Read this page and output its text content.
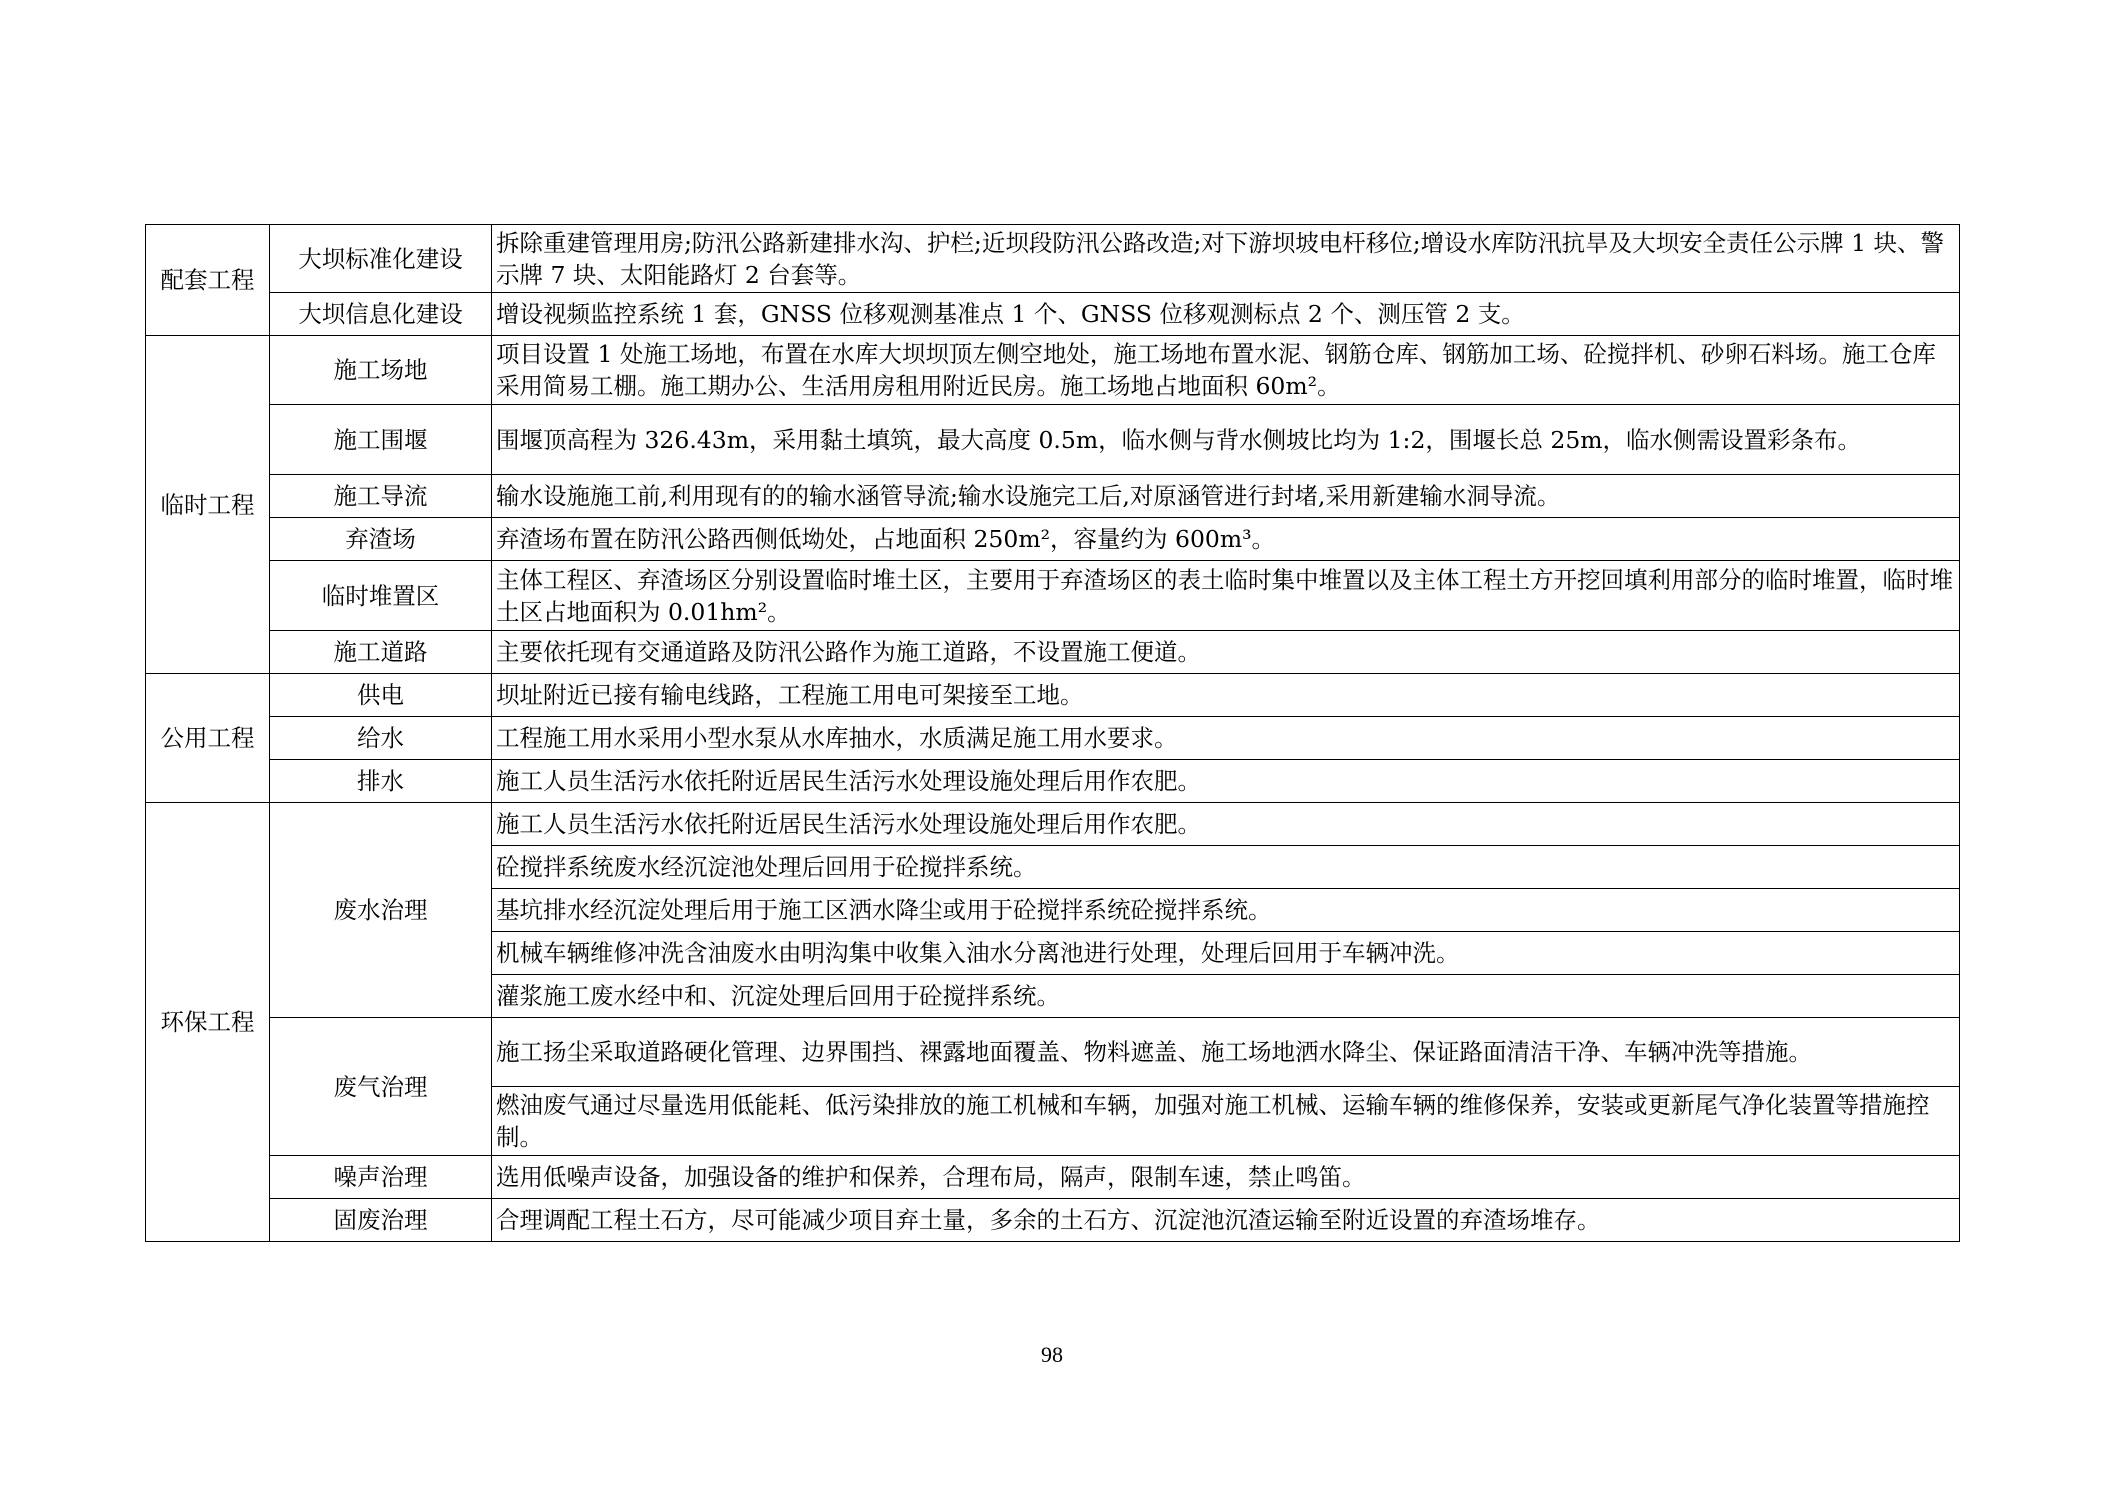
配套工程	大坝标准化建设	拆除重建管理用房;防汛公路新建排水沟、护栏;近坝段防汛公路改造;对下游坝坡电杆移位;增设水库防汛抗旱及大坝安全责任公示牌 1 块、警示牌 7 块、太阳能路灯 2 台套等。
	大坝信息化建设	增设视频监控系统 1 套，GNSS 位移观测基准点 1 个、GNSS 位移观测标点 2 个、测压管 2 支。
临时工程	施工场地	项目设置 1 处施工场地，布置在水库大坝坝顶左侧空地处，施工场地布置水泥、钢筋仓库、钢筋加工场、砼搅拌机、砂卵石料场。施工仓库采用简易工棚。施工期办公、生活用房租用附近民房。施工场地占地面积 60m²。
	施工围堰	围堰顶高程为 326.43m，采用黏土填筑，最大高度 0.5m，临水侧与背水侧坡比均为 1:2，围堰长总 25m，临水侧需设置彩条布。
	施工导流	输水设施施工前,利用现有的的输水涵管导流;输水设施完工后,对原涵管进行封堵,采用新建输水洞导流。
	弃渣场	弃渣场布置在防汛公路西侧低坳处，占地面积 250m²，容量约为 600m³。
	临时堆置区	主体工程区、弃渣场区分别设置临时堆土区，主要用于弃渣场区的表土临时集中堆置以及主体工程土方开挖回填利用部分的临时堆置，临时堆土区占地面积为 0.01hm²。
	施工道路	主要依托现有交通道路及防汛公路作为施工道路，不设置施工便道。
公用工程	供电	坝址附近已接有输电线路，工程施工用电可架接至工地。
	给水	工程施工用水采用小型水泵从水库抽水，水质满足施工用水要求。
	排水	施工人员生活污水依托附近居民生活污水处理设施处理后用作农肥。
环保工程	废水治理	施工人员生活污水依托附近居民生活污水处理设施处理后用作农肥。
		砼搅拌系统废水经沉淀池处理后回用于砼搅拌系统。
		基坑排水经沉淀处理后用于施工区洒水降尘或用于砼搅拌系统砼搅拌系统。
		机械车辆维修冲洗含油废水由明沟集中收集入油水分离池进行处理，处理后回用于车辆冲洗。
		灌浆施工废水经中和、沉淀处理后回用于砼搅拌系统。
	废气治理	施工扬尘采取道路硬化管理、边界围挡、裸露地面覆盖、物料遮盖、施工场地洒水降尘、保证路面清洁干净、车辆冲洗等措施。
		燃油废气通过尽量选用低能耗、低污染排放的施工机械和车辆，加强对施工机械、运输车辆的维修保养，安装或更新尾气净化装置等措施控制。
	噪声治理	选用低噪声设备，加强设备的维护和保养，合理布局，隔声，限制车速，禁止鸣笛。
	固废治理	合理调配工程土石方，尽可能减少项目弃土量，多余的土石方、沉淀池沉渣运输至附近设置的弃渣场堆存。
98
